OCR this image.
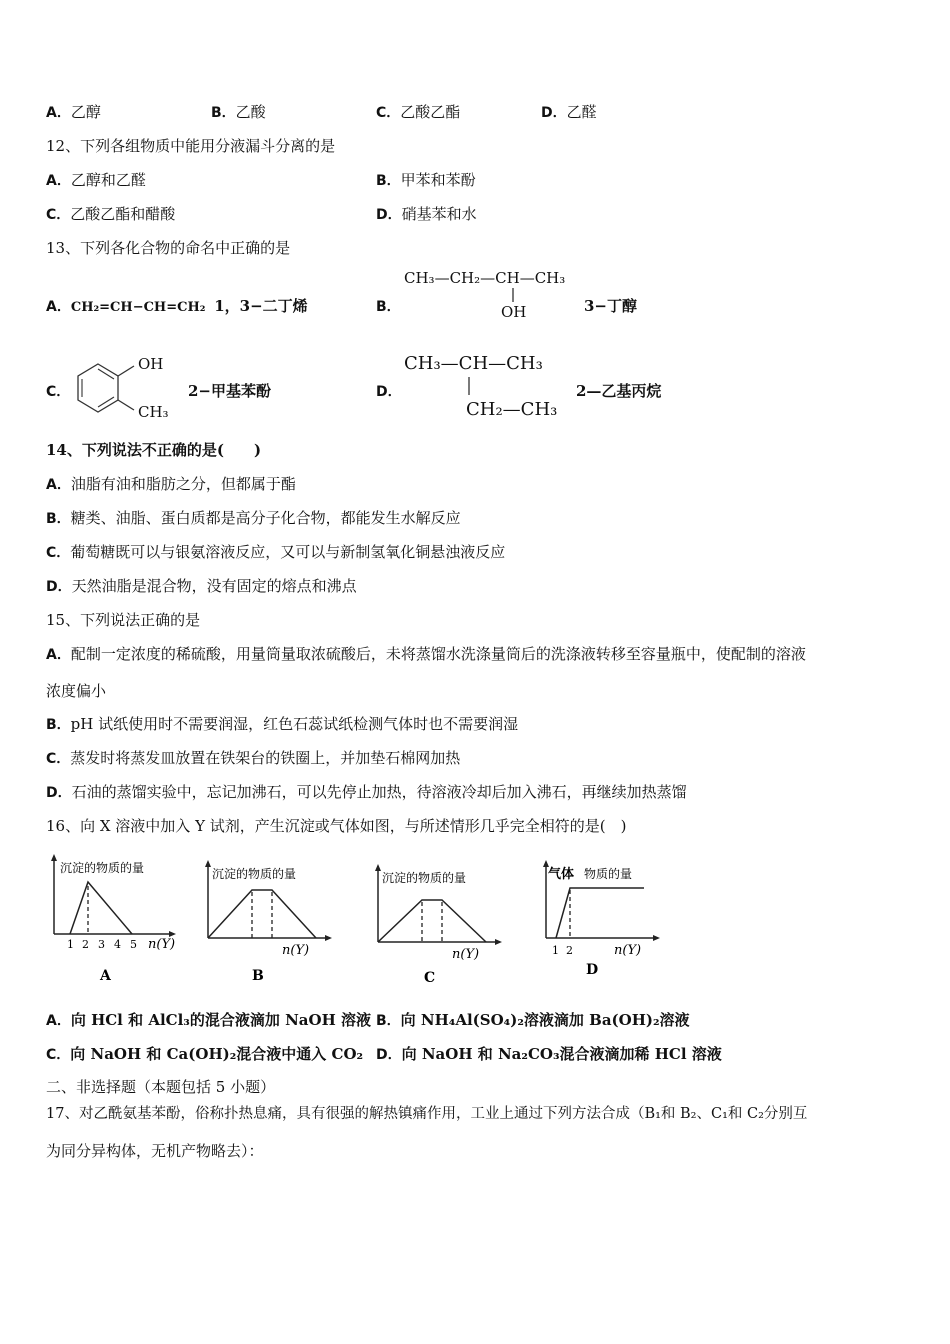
A．乙醇	B．乙酸	C．乙酸乙酯	D．乙醛
12、下列各组物质中能用分液漏斗分离的是
A．乙醇和乙醛	B．甲苯和苯酚
C．乙酸乙酯和醋酸	D．硝基苯和水
13、下列各化合物的命名中正确的是
A．CH₂=CH−CH=CH₂ 1，3−二丁烯	B．
CH₃—CH₂—CH—CH₃
OH	3−丁醇
C．
OH
CH₃
2−甲基苯酚	D．
CH₃—CH—CH₃
CH₂—CH₃
2—乙基丙烷
14、下列说法不正确的是(　　)
A．油脂有油和脂肪之分，但都属于酯
B．糖类、油脂、蛋白质都是高分子化合物，都能发生水解反应
C．葡萄糖既可以与银氨溶液反应，又可以与新制氢氧化铜悬浊液反应
D．天然油脂是混合物，没有固定的熔点和沸点
15、下列说法正确的是
A．配制一定浓度的稀硫酸，用量筒量取浓硫酸后，未将蒸馏水洗涤量筒后的洗涤液转移至容量瓶中，使配制的溶液
浓度偏小
B．pH 试纸使用时不需要润湿，红色石蕊试纸检测气体时也不需要润湿
C．蒸发时将蒸发皿放置在铁架台的铁圈上，并加垫石棉网加热
D．石油的蒸馏实验中，忘记加沸石，可以先停止加热，待溶液冷却后加入沸石，再继续加热蒸馏
16、向 X 溶液中加入 Y 试剂，产生沉淀或气体如图，与所述情形几乎完全相符的是(　)
沉淀的物质的量
1 2 3 4 5 n(Y)
A
沉淀的物质的量
n(Y)
B
沉淀的物质的量
n(Y)
C
气体 物质的量
1 2	n(Y)
D
A．向 HCl 和 AlCl₃的混合液滴加 NaOH 溶液 B．向 NH₄Al(SO₄)₂溶液滴加 Ba(OH)₂溶液
C．向 NaOH 和 Ca(OH)₂混合液中通入 CO₂ D．向 NaOH 和 Na₂CO₃混合液滴加稀 HCl 溶液
二、非选择题（本题包括 5 小题）
17、对乙酰氨基苯酚，俗称扑热息痛，具有很强的解热镇痛作用，工业上通过下列方法合成（B₁和 B₂、C₁和 C₂分别互
为同分异构体，无机产物略去）：
